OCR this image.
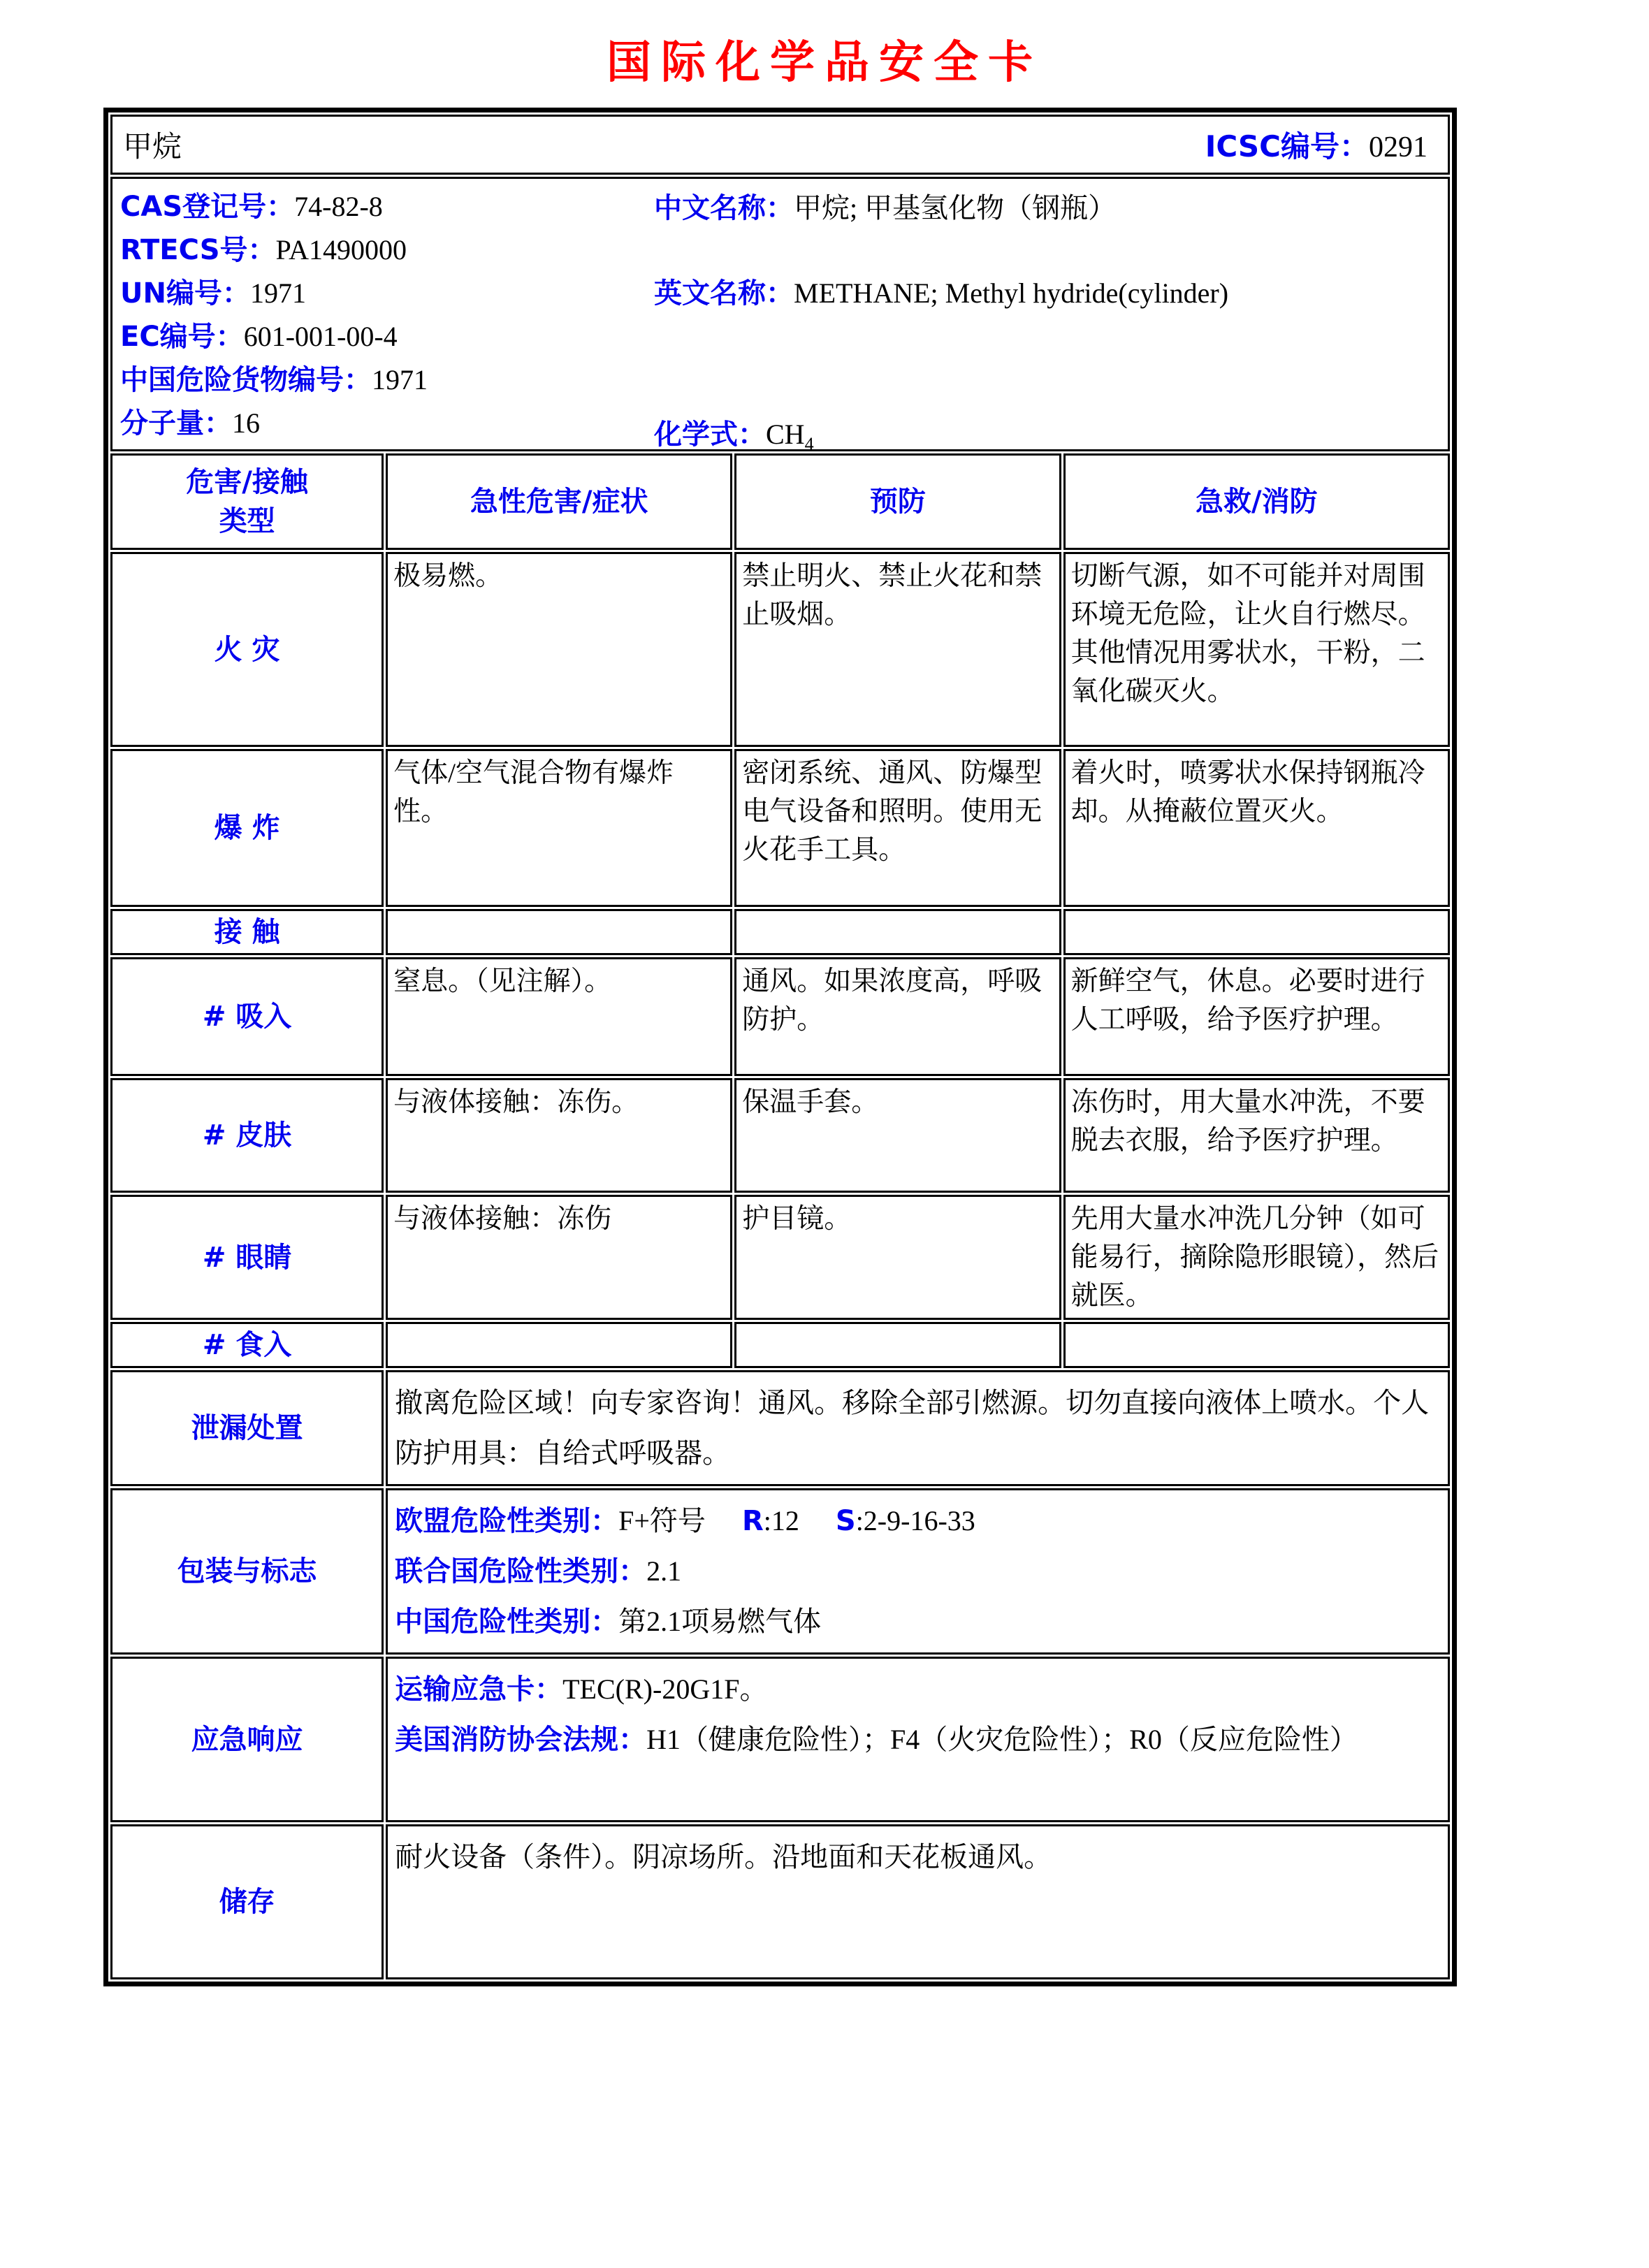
国际化学品安全卡
甲烷 ICSC编号：0291			

CAS登记号：74-82-8
RTECS号：PA1490000
UN编号：1971
EC编号：601-001-00-4
中国危险货物编号：1971
分子量：16
中文名称：甲烷; 甲基氢化物（钢瓶）
英文名称：METHANE; Methyl hydride(cylinder)
化学式：$CH_4$

危害/接触
类型	急性危害/症状	预防	急救/消防
火 灾	极易燃。	禁止明火、禁止火花和禁止吸烟。	切断气源，如不可能并对周围环境无危险，让火自行燃尽。其他情况用雾状水，干粉，二氧化碳灭火。
爆 炸	气体/空气混合物有爆炸性。	密闭系统、通风、防爆型电气设备和照明。使用无火花手工具。	着火时，喷雾状水保持钢瓶冷却。从掩蔽位置灭火。
接 触			
# 吸入	窒息。（见注解）。	通风。如果浓度高，呼吸防护。	新鲜空气，休息。必要时进行人工呼吸，给予医疗护理。
# 皮肤	与液体接触：冻伤。	保温手套。	冻伤时，用大量水冲洗，不要脱去衣服，给予医疗护理。
# 眼睛	与液体接触：冻伤	护目镜。	先用大量水冲洗几分钟（如可能易行，摘除隐形眼镜），然后就医。
# 食入			
泄漏处置	撤离危险区域！向专家咨询！通风。移除全部引燃源。切勿直接向液体上喷水。个人防护用具：自给式呼吸器。		
包装与标志	欧盟危险性类别：F+符号 R:12 S:2-9-16-33
联合国危险性类别：2.1
中国危险性类别：第2.1项易燃气体		

应急响应	运输应急卡：TEC(R)-20G1F。
美国消防协会法规：H1（健康危险性）；F4（火灾危险性）；R0（反应危险性）		

储存	耐火设备（条件）。阴凉场所。沿地面和天花板通风。		
